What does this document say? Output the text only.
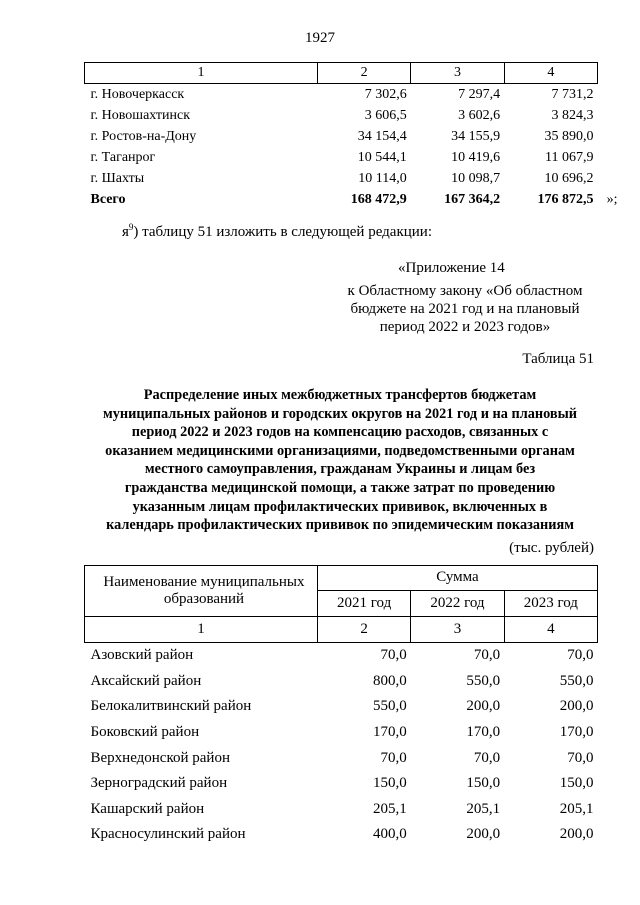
1927
1	2	3	4
г. Новочеркасск	7 302,6	7 297,4	7 731,2
г. Новошахтинск	3 606,5	3 602,6	3 824,3
г. Ростов-на-Дону	34 154,4	34 155,9	35 890,0
г. Таганрог	10 544,1	10 419,6	11 067,9
г. Шахты	10 114,0	10 098,7	10 696,2
Всего	168 472,9	167 364,2	176 872,5 »;
$я^9$) таблицу 51 изложить в следующей редакции:
«Приложение 14
к Областному закону «Об областном
бюджете на 2021 год и на плановый
период 2022 и 2023 годов»
Таблица 51
Распределение иных межбюджетных трансфертов бюджетам
муниципальных районов и городских округов на 2021 год и на плановый
период 2022 и 2023 годов на компенсацию расходов, связанных с
оказанием медицинскими организациями, подведомственными органам
местного самоуправления, гражданам Украины и лицам без
гражданства медицинской помощи, а также затрат по проведению
указанным лицам профилактических прививок, включенных в
календарь профилактических прививок по эпидемическим показаниям
(тыс. рублей)
Наименование муниципальных
образований	Сумма		
	2021 год	2022 год	2023 год
1	2	3	4
Азовский район	70,0	70,0	70,0
Аксайский район	800,0	550,0	550,0
Белокалитвинский район	550,0	200,0	200,0
Боковский район	170,0	170,0	170,0
Верхнедонской район	70,0	70,0	70,0
Зерноградский район	150,0	150,0	150,0
Кашарский район	205,1	205,1	205,1
Красносулинский район	400,0	200,0	200,0
